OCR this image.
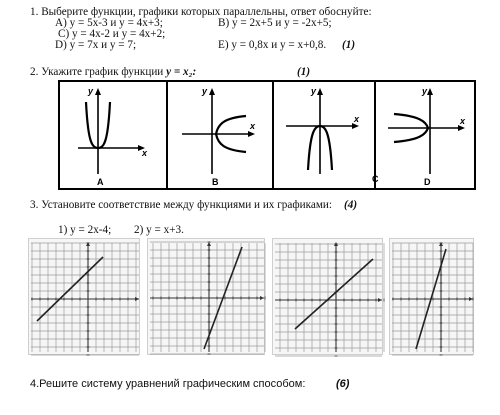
1. Выберите функции, графики которых параллельны, ответ обоснуйте:
A) у = 5х-3 и у = 4х+3;	B) у = 2х+5 и у = -2х+5;
C) у = 4х-2 и у = 4х+2;
D) у = 7х и у = 7;	E) у = 0,8х и у = х+0,8. (1)
2. Укажите график функции у = х₂:	(1)
y
x
A
y
x
B
y
x
C
y
x
D
3. Установите соответствие между функциями и их графиками: (4)
1) у = 2х-4; 2) у = х+3.
4.Решите систему уравнений графическим способом:	(6)
